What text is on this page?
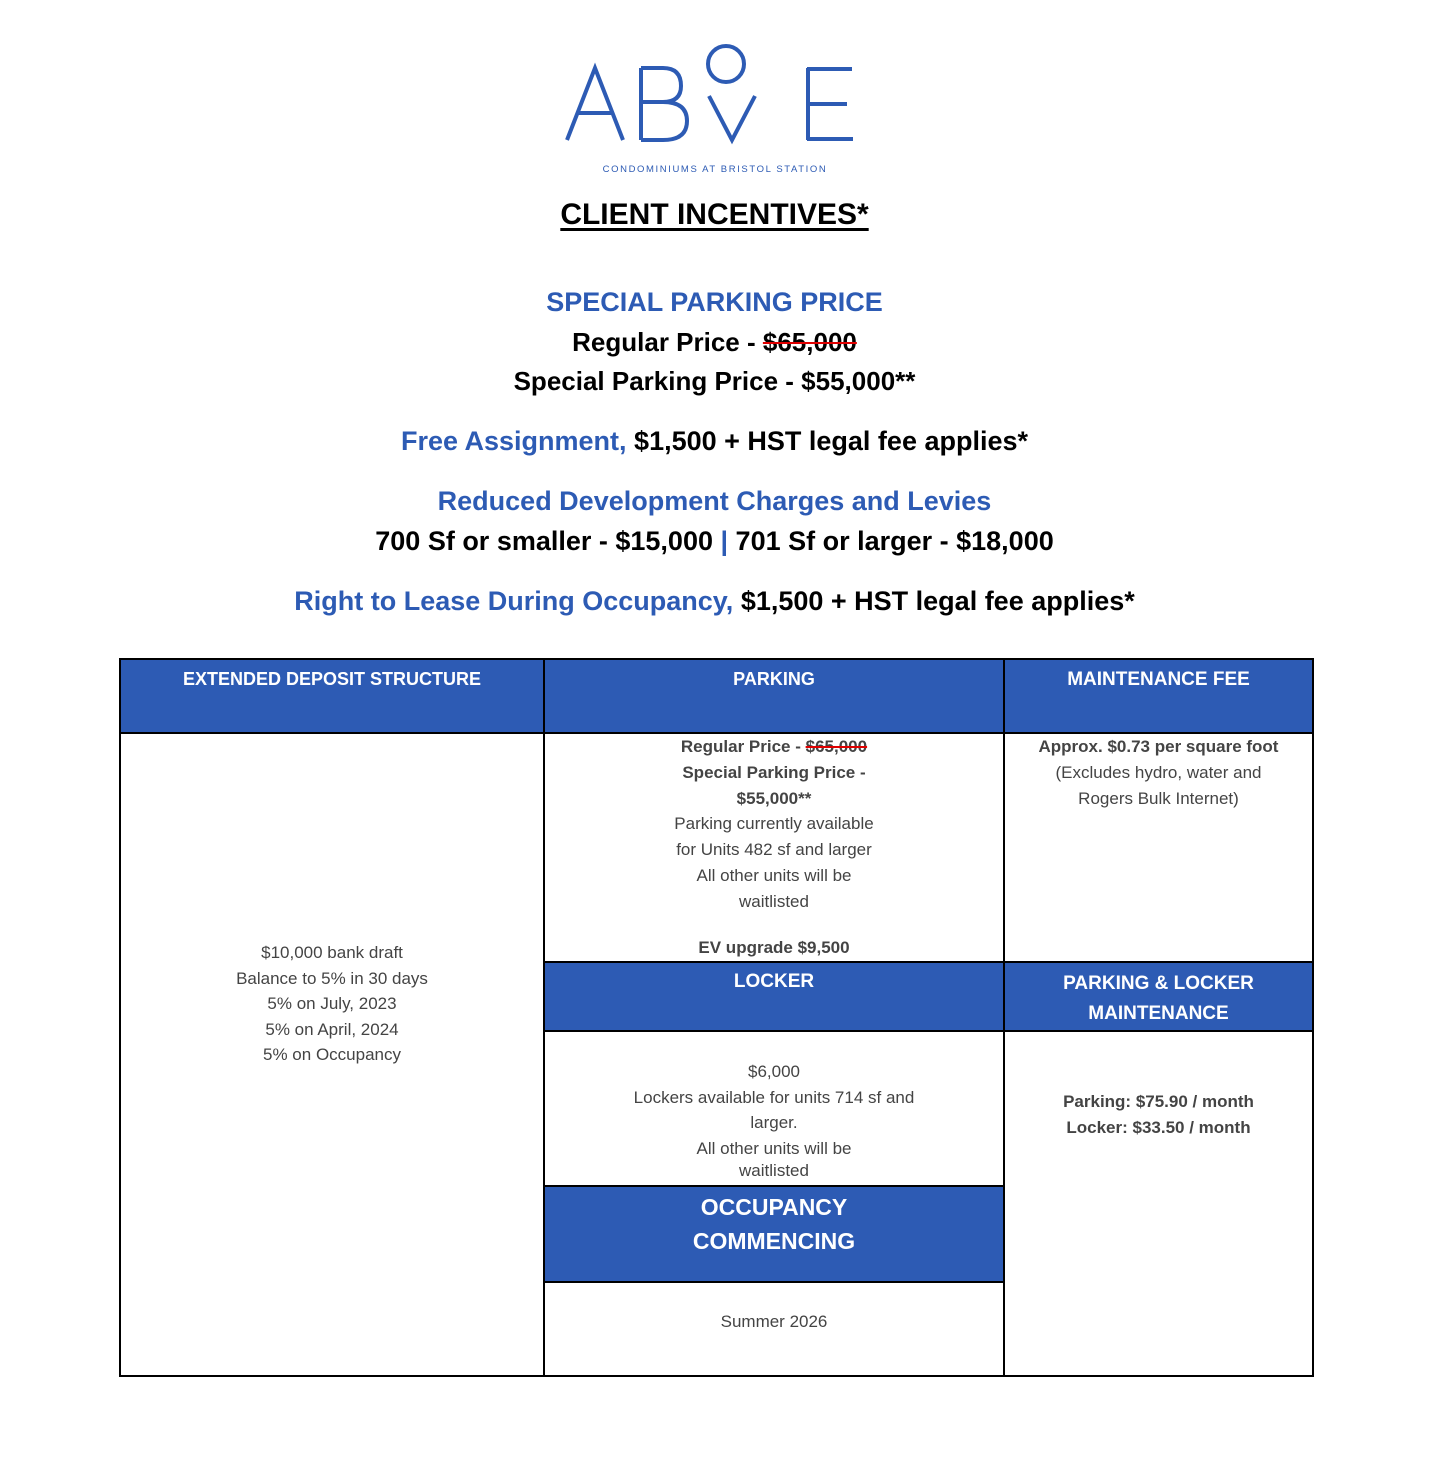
CONDOMINIUMS AT BRISTOL STATION
CLIENT INCENTIVES*
SPECIAL PARKING PRICE
Regular Price - $65,000
Special Parking Price - $55,000**
Free Assignment, $1,500 + HST legal fee applies*
Reduced Development Charges and Levies
700 Sf or smaller - $15,000 | 701 Sf or larger - $18,000
Right to Lease During Occupancy, $1,500 + HST legal fee applies*
EXTENDED DEPOSIT STRUCTURE
$10,000 bank draft
Balance to 5% in 30 days
5% on July, 2023
5% on April, 2024
5% on Occupancy
PARKING
Regular Price - $65,000
Special Parking Price -
$55,000**
Parking currently available
for Units 482 sf and larger
All other units will be
waitlisted
EV upgrade $9,500
MAINTENANCE FEE
Approx. $0.73 per square foot
(Excludes hydro, water and
Rogers Bulk Internet)
LOCKER
$6,000
Lockers available for units 714 sf and
larger.
All other units will be
waitlisted
PARKING & LOCKER
MAINTENANCE
Parking: $75.90 / month
Locker: $33.50 / month
OCCUPANCY
COMMENCING
Summer 2026
